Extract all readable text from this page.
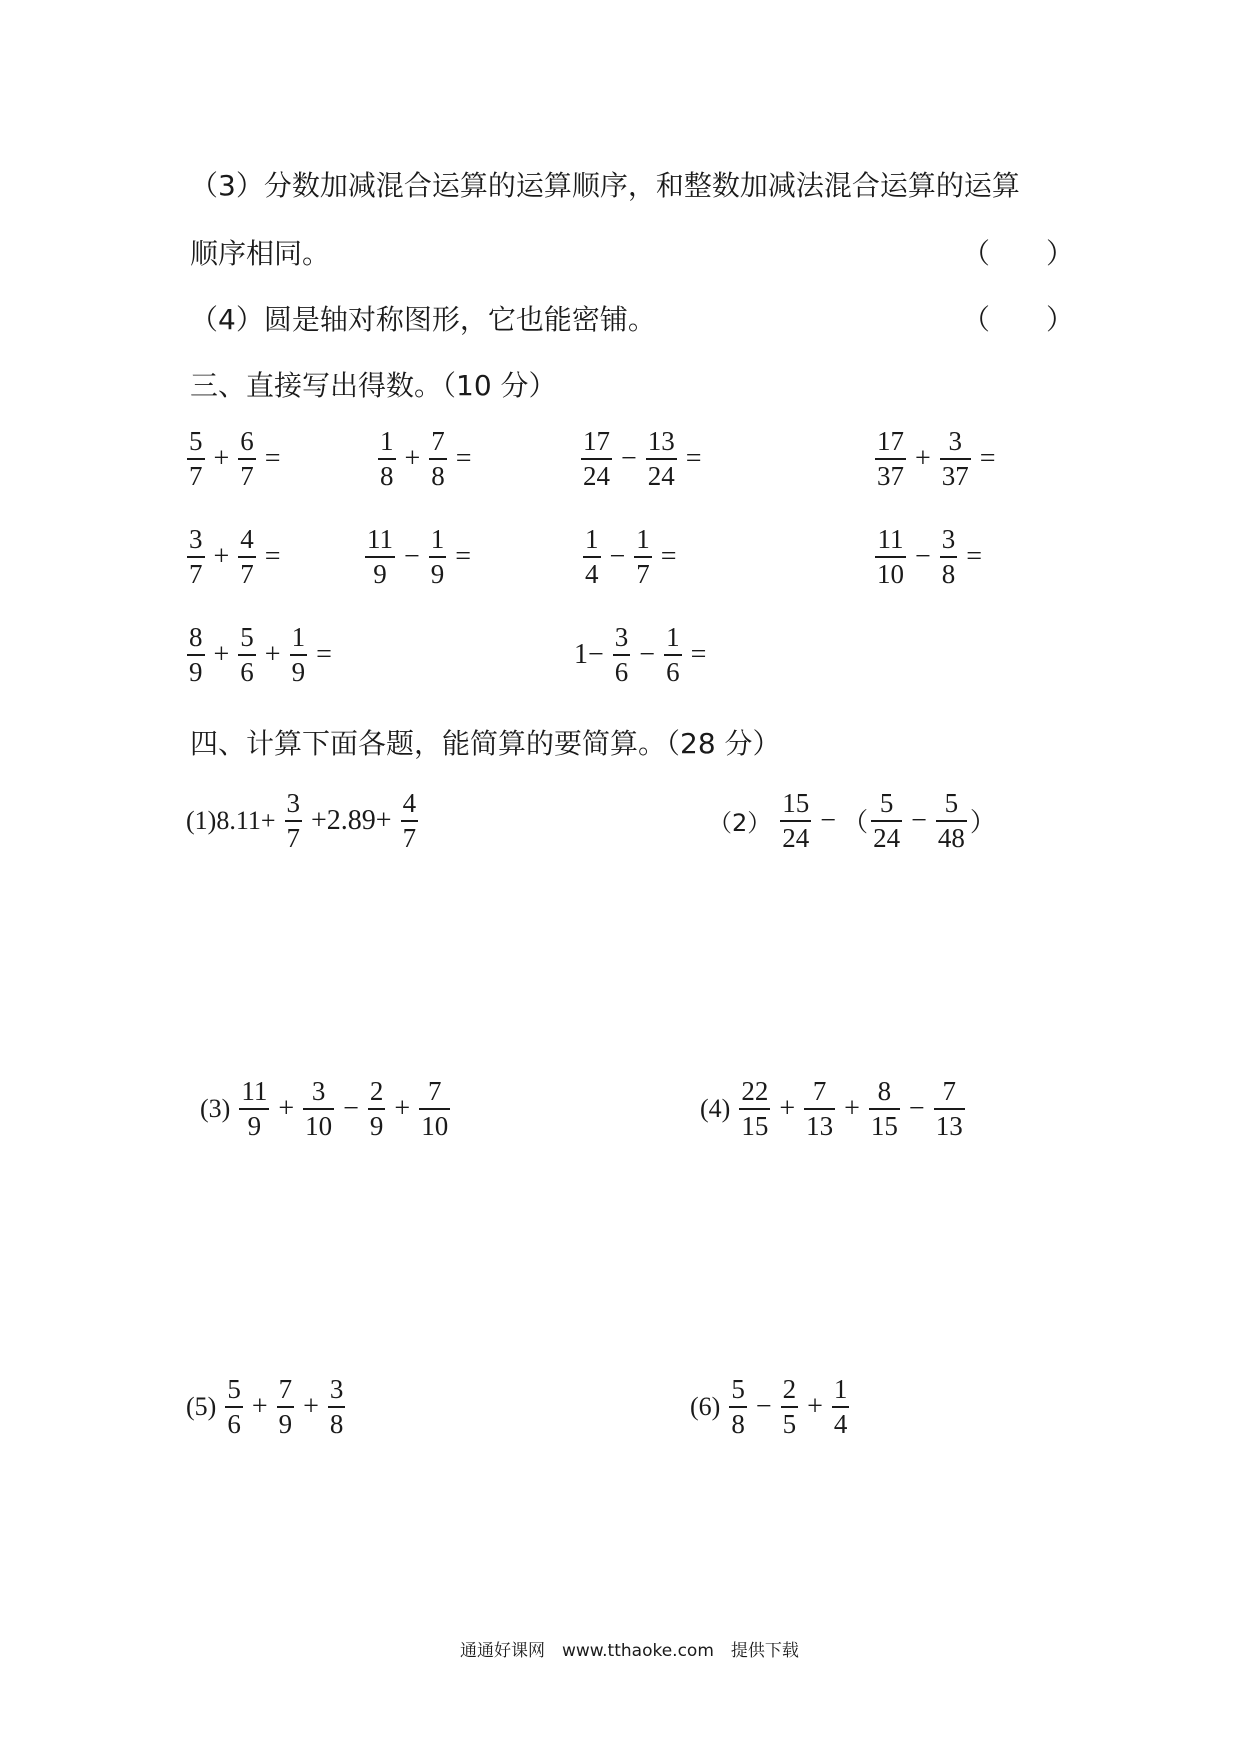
（3）分数加减混合运算的运算顺序，和整数加减法混合运算的运算
顺序相同。	（　　）
（4）圆是轴对称图形，它也能密铺。	（　　）
三、直接写出得数。（10 分）
$\frac{5}{7} + \frac{6}{7}$ =	$\frac{1}{8} + \frac{7}{8}$ =	$\frac{17}{24} - \frac{13}{24}$ =	$\frac{17}{37} + \frac{3}{37}$ =
$\frac{3}{7} + \frac{4}{7}$ =	$\frac{11}{9} - \frac{1}{9}$ =	$\frac{1}{4} - \frac{1}{7}$ =	$\frac{11}{10} - \frac{3}{8}$ =
$\frac{8}{9} + \frac{5}{6} + \frac{1}{9}$ =	$1- \frac{3}{6} - \frac{1}{6}$ =
四、计算下面各题，能简算的要简算。（28 分）
$(1)8.11+ \frac{3}{7} +2.89+ \frac{4}{7}$	$(2) \frac{15}{24}$ − （ $\frac{5}{24} - \frac{5}{48}$ ）
$(3) \frac{11}{9} + \frac{3}{10} - \frac{2}{9} + \frac{7}{10}$	$(4) \frac{22}{15} + \frac{7}{13} + \frac{8}{15} - \frac{7}{13}$
$(5) \frac{5}{6} + \frac{7}{9} + \frac{3}{8}$	$(6) \frac{5}{8} - \frac{2}{5} + \frac{1}{4}$
通通好课网　www.tthaoke.com　提供下载
